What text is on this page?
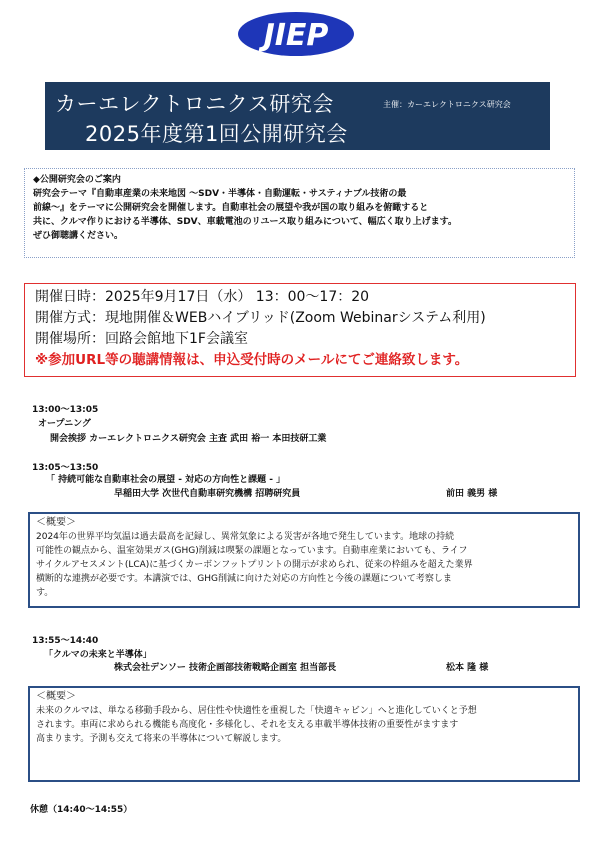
JIEP
カーエレクトロニクス研究会
2025年度第1回公開研究会
主催：カーエレクトロニクス研究会
◆公開研究会のご案内
研究会テーマ『自動車産業の未来地図 ～SDV・半導体・自動運転・サスティナブル技術の最
前線～』をテーマに公開研究会を開催します。自動車社会の展望や我が国の取り組みを俯瞰すると
共に、クルマ作りにおける半導体、SDV、車載電池のリユース取り組みについて、幅広く取り上げます。
ぜひ御聴講ください。
開催日時：2025年9月17日（水） 13：00～17：20
開催方式：現地開催＆WEBハイブリッド(Zoom Webinarシステム利用)
開催場所：回路会館地下1F会議室
※参加URL等の聴講情報は、申込受付時のメールにてご連絡致します。
13:00～13:05
オープニング
開会挨拶 カーエレクトロニクス研究会 主査 武田 裕一 本田技研工業
13:05～13:50
「 持続可能な自動車社会の展望 - 対応の方向性と課題 - 」
早稲田大学 次世代自動車研究機構 招聘研究員	前田 義男 様
＜概要＞
2024年の世界平均気温は過去最高を記録し、異常気象による災害が各地で発生しています。地球の持続
可能性の観点から、温室効果ガス(GHG)削減は喫緊の課題となっています。自動車産業においても、ライフ
サイクルアセスメント(LCA)に基づくカーボンフットプリントの開示が求められ、従来の枠組みを超えた業界
横断的な連携が必要です。本講演では、GHG削減に向けた対応の方向性と今後の課題について考察しま
す。
13:55～14:40
「クルマの未来と半導体」
株式会社デンソー 技術企画部技術戦略企画室 担当部長	松本 隆 様
＜概要＞
未来のクルマは、単なる移動手段から、居住性や快適性を重視した「快適キャビン」へと進化していくと予想
されます。車両に求められる機能も高度化・多様化し、それを支える車載半導体技術の重要性がますます
高まります。予測も交えて将来の半導体について解説します。
休憩（14:40～14:55）
